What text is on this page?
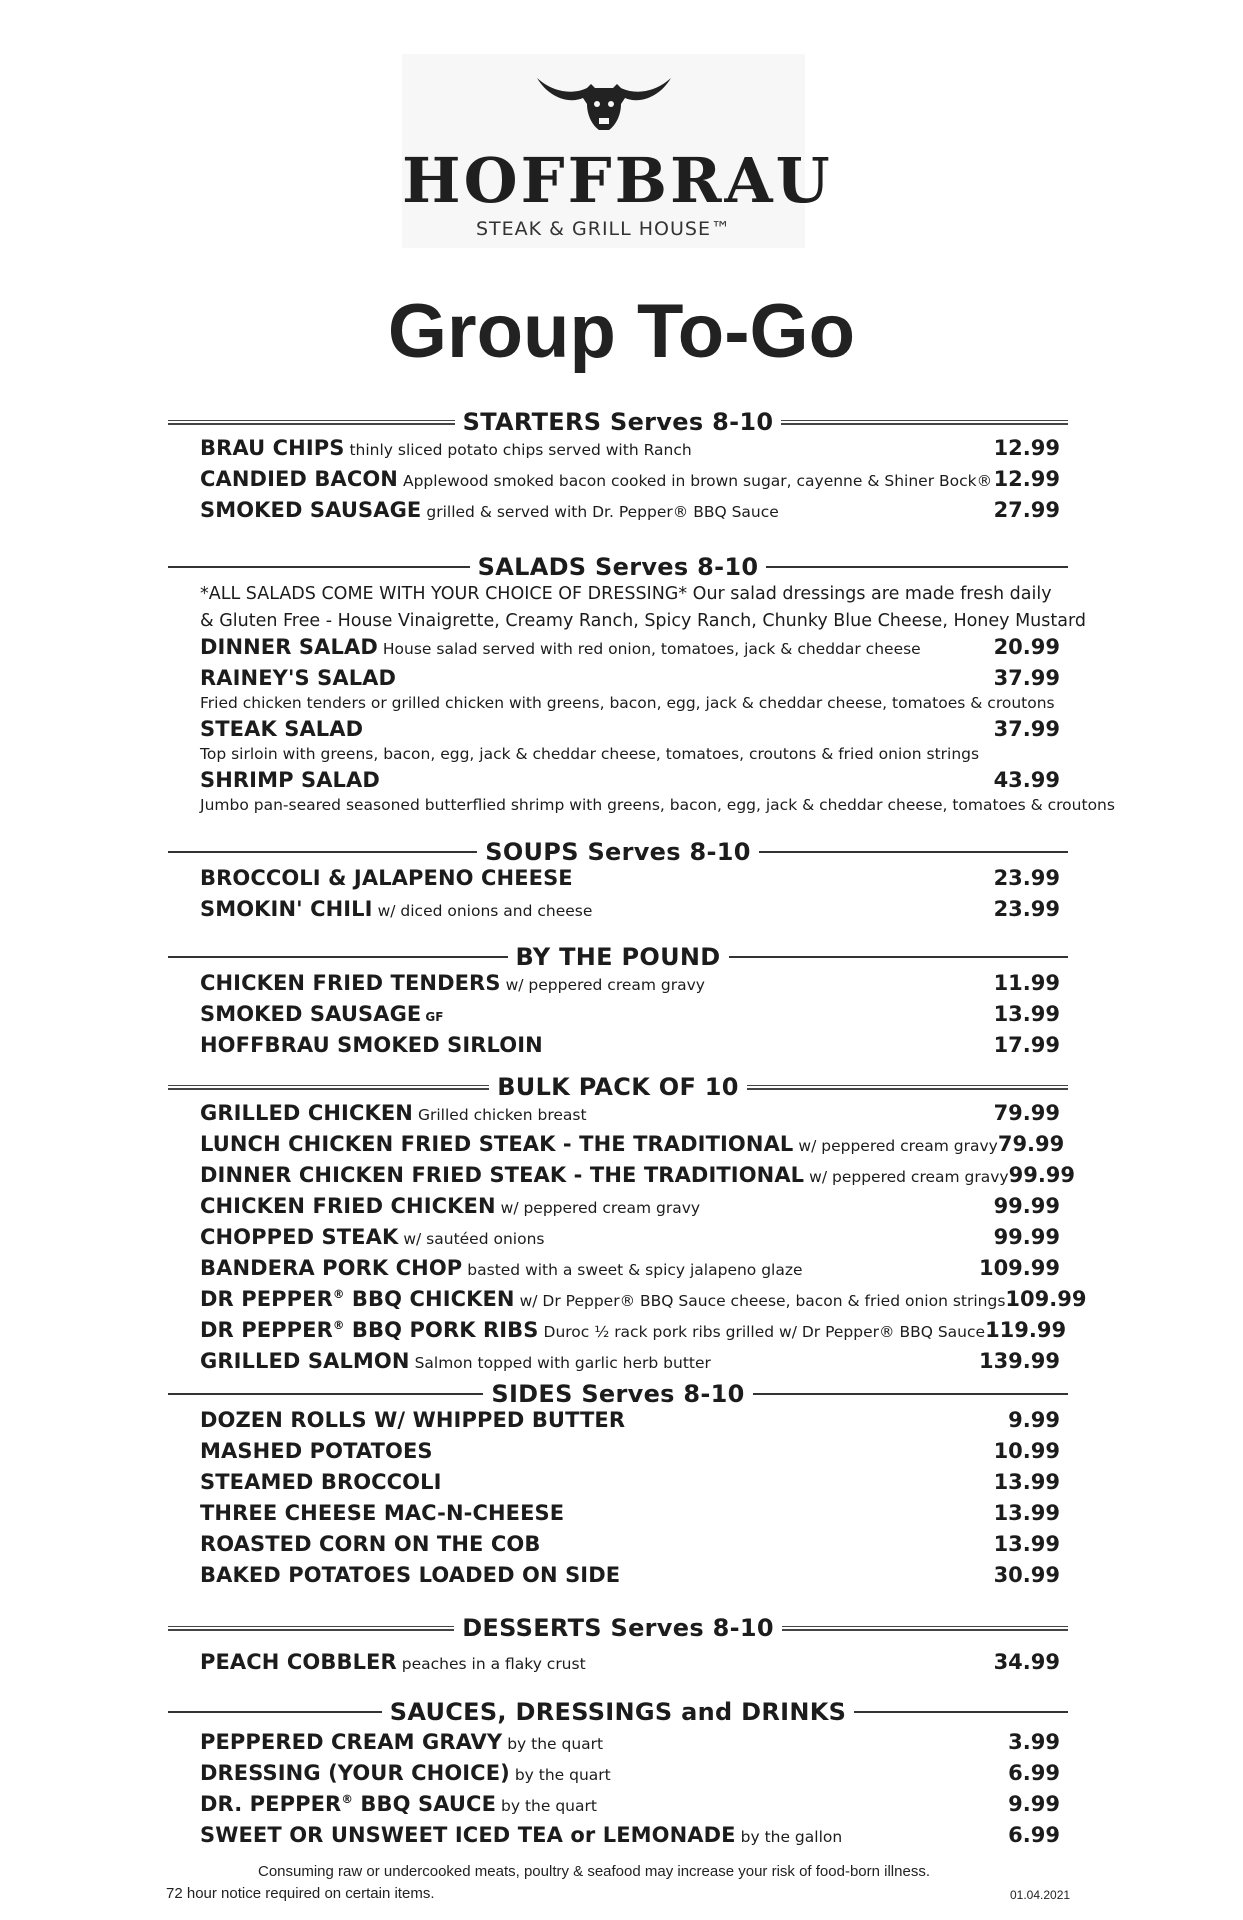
HOFFBRAU
STEAK & GRILL HOUSE™
Group To-Go
STARTERS Serves 8-10
BRAU CHIPS thinly sliced potato chips served with Ranch	12.99
CANDIED BACON Applewood smoked bacon cooked in brown sugar, cayenne & Shiner Bock® 12.99
SMOKED SAUSAGE grilled & served with Dr. Pepper® BBQ Sauce	27.99
SALADS Serves 8-10
*ALL SALADS COME WITH YOUR CHOICE OF DRESSING* Our salad dressings are made fresh daily
& Gluten Free - House Vinaigrette, Creamy Ranch, Spicy Ranch, Chunky Blue Cheese, Honey Mustard
DINNER SALAD House salad served with red onion, tomatoes, jack & cheddar cheese	20.99
RAINEY'S SALAD	37.99
Fried chicken tenders or grilled chicken with greens, bacon, egg, jack & cheddar cheese, tomatoes & croutons
STEAK SALAD	37.99
Top sirloin with greens, bacon, egg, jack & cheddar cheese, tomatoes, croutons & fried onion strings
SHRIMP SALAD	43.99
Jumbo pan-seared seasoned butterflied shrimp with greens, bacon, egg, jack & cheddar cheese, tomatoes & croutons
SOUPS Serves 8-10
BROCCOLI & JALAPENO CHEESE	23.99
SMOKIN' CHILI w/ diced onions and cheese	23.99
BY THE POUND
CHICKEN FRIED TENDERS w/ peppered cream gravy	11.99
SMOKED SAUSAGE GF	13.99
HOFFBRAU SMOKED SIRLOIN	17.99
BULK PACK OF 10
GRILLED CHICKEN Grilled chicken breast	79.99
LUNCH CHICKEN FRIED STEAK - THE TRADITIONAL w/ peppered cream gravy 79.99
DINNER CHICKEN FRIED STEAK - THE TRADITIONAL w/ peppered cream gravy 99.99
CHICKEN FRIED CHICKEN w/ peppered cream gravy	99.99
CHOPPED STEAK w/ sautéed onions	99.99
BANDERA PORK CHOP basted with a sweet & spicy jalapeno glaze	109.99
DR PEPPER® BBQ CHICKEN w/ Dr Pepper® BBQ Sauce cheese, bacon & fried onion strings 109.99
DR PEPPER® BBQ PORK RIBS Duroc ½ rack pork ribs grilled w/ Dr Pepper® BBQ Sauce 119.99
GRILLED SALMON Salmon topped with garlic herb butter	139.99
SIDES Serves 8-10
DOZEN ROLLS W/ WHIPPED BUTTER	9.99
MASHED POTATOES	10.99
STEAMED BROCCOLI	13.99
THREE CHEESE MAC-N-CHEESE	13.99
ROASTED CORN ON THE COB	13.99
BAKED POTATOES LOADED ON SIDE	30.99
DESSERTS Serves 8-10
PEACH COBBLER peaches in a flaky crust	34.99
SAUCES, DRESSINGS and DRINKS
PEPPERED CREAM GRAVY by the quart	3.99
DRESSING (YOUR CHOICE) by the quart	6.99
DR. PEPPER® BBQ SAUCE by the quart	9.99
SWEET OR UNSWEET ICED TEA or LEMONADE by the gallon	6.99
Consuming raw or undercooked meats, poultry & seafood may increase your risk of food-born illness.
72 hour notice required on certain items.	01.04.2021
